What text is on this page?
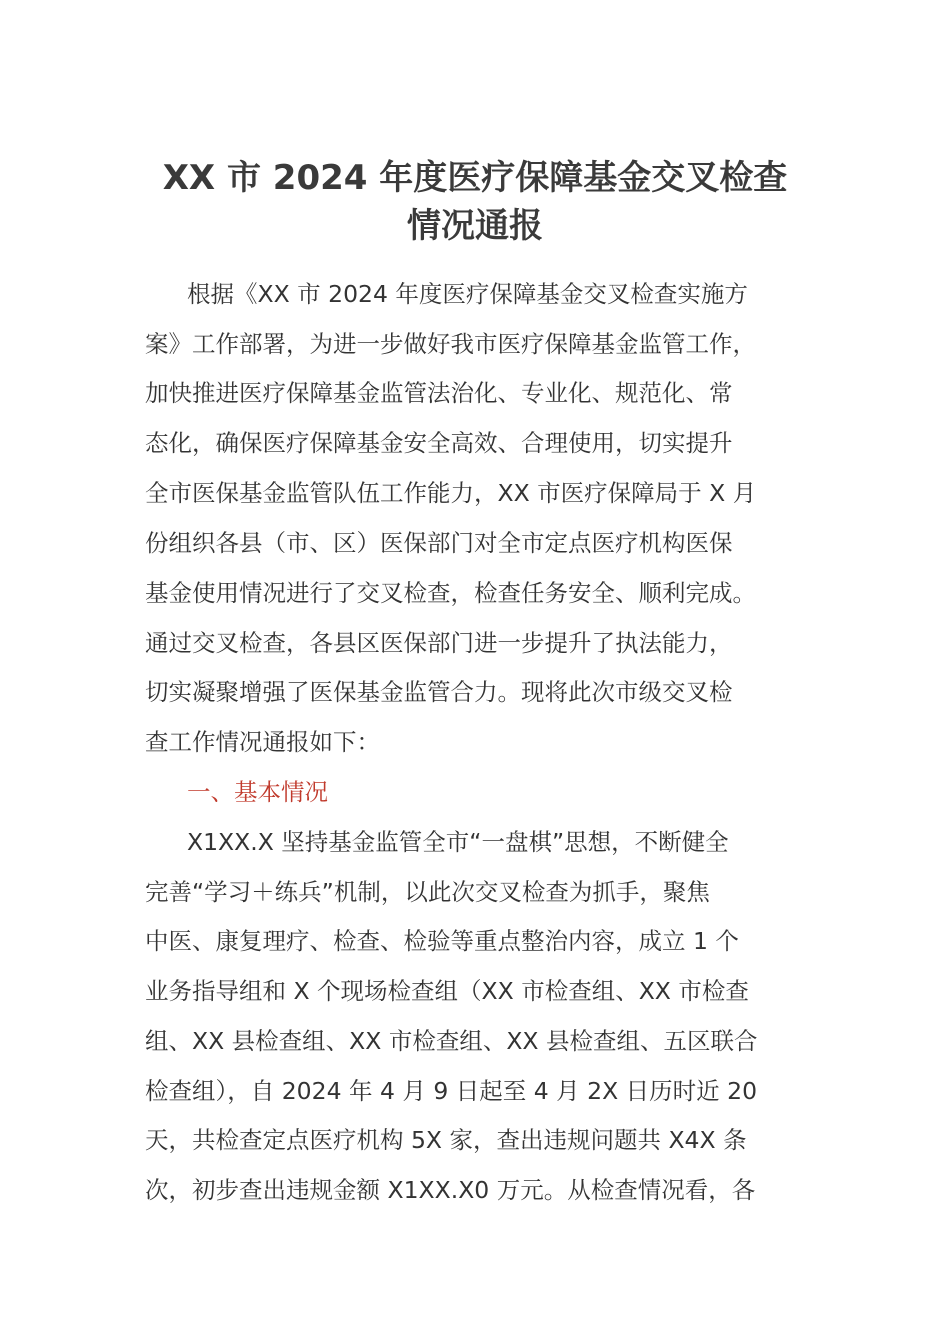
XX 市 2024 年度医疗保障基金交叉检查
情况通报
根据《XX 市 2024 年度医疗保障基金交叉检查实施方
案》工作部署，为进一步做好我市医疗保障基金监管工作，
加快推进医疗保障基金监管法治化、专业化、规范化、常
态化，确保医疗保障基金安全高效、合理使用，切实提升
全市医保基金监管队伍工作能力，XX 市医疗保障局于 X 月
份组织各县（市、区）医保部门对全市定点医疗机构医保
基金使用情况进行了交叉检查，检查任务安全、顺利完成。
通过交叉检查，各县区医保部门进一步提升了执法能力，
切实凝聚增强了医保基金监管合力。现将此次市级交叉检
查工作情况通报如下：
一、基本情况
X1XX.X 坚持基金监管全市“一盘棋”思想，不断健全
完善“学习＋练兵”机制，以此次交叉检查为抓手，聚焦
中医、康复理疗、检查、检验等重点整治内容，成立 1 个
业务指导组和 X 个现场检查组（XX 市检查组、XX 市检查
组、XX 县检查组、XX 市检查组、XX 县检查组、五区联合
检查组），自 2024 年 4 月 9 日起至 4 月 2X 日历时近 20
天，共检查定点医疗机构 5X 家，查出违规问题共 X4X 条
次，初步查出违规金额 X1XX.X0 万元。从检查情况看，各
